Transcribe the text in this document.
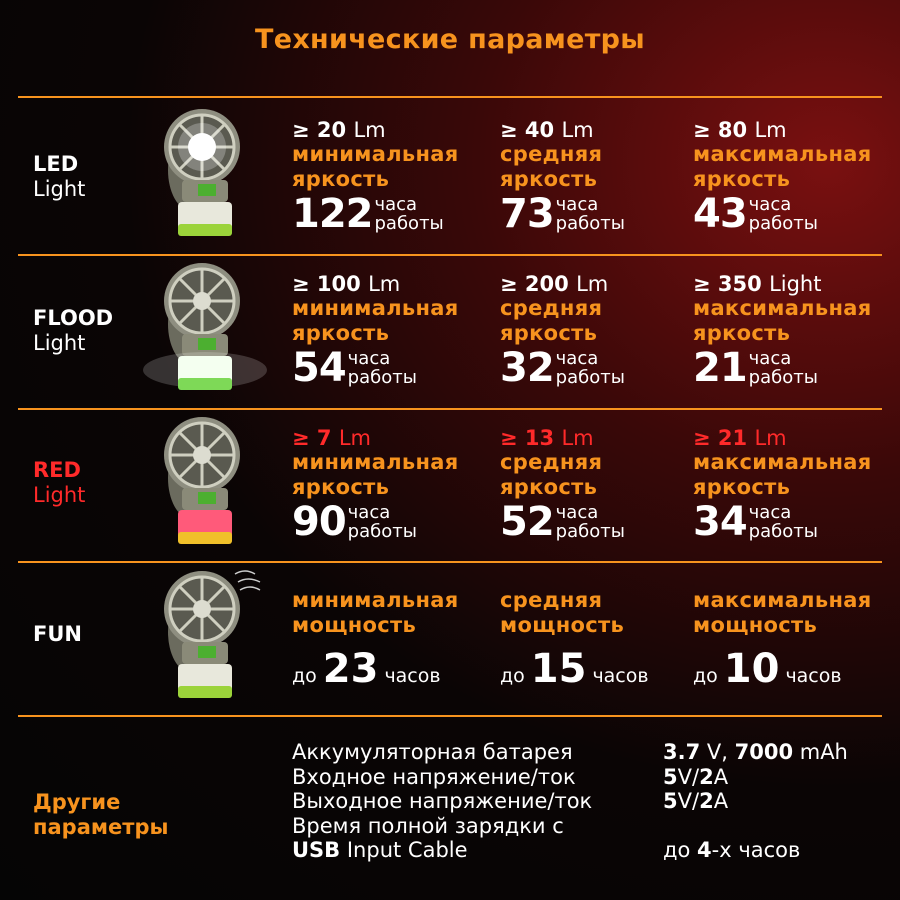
Технические параметры
LED
Light
≥ 20 Lm
минимальная
яркость
122 часа
работы
≥ 40 Lm
средняя
яркость
73 часа
работы
≥ 80 Lm
максимальная
яркость
43 часа
работы
FLOOD
Light
≥ 100 Lm
минимальная
яркость
54 часа
работы
≥ 200 Lm
средняя
яркость
32 часа
работы
≥ 350 Light
максимальная
яркость
21 часа
работы
RED
Light
≥ 7 Lm
минимальная
яркость
90 часа
работы
≥ 13 Lm
средняя
яркость
52 часа
работы
≥ 21 Lm
максимальная
яркость
34 часа
работы
FUN
минимальная
мощность
до 23 часов
средняя
мощность
до 15 часов
максимальная
мощность
до 10 часов
Другие
параметры
Аккумуляторная батарея
Входное напряжение/ток
Выходное напряжение/ток
Время полной зарядки с
USB Input Cable
3.7 V, 7000 mAh
5V/2A
5V/2A

до 4-х часов
